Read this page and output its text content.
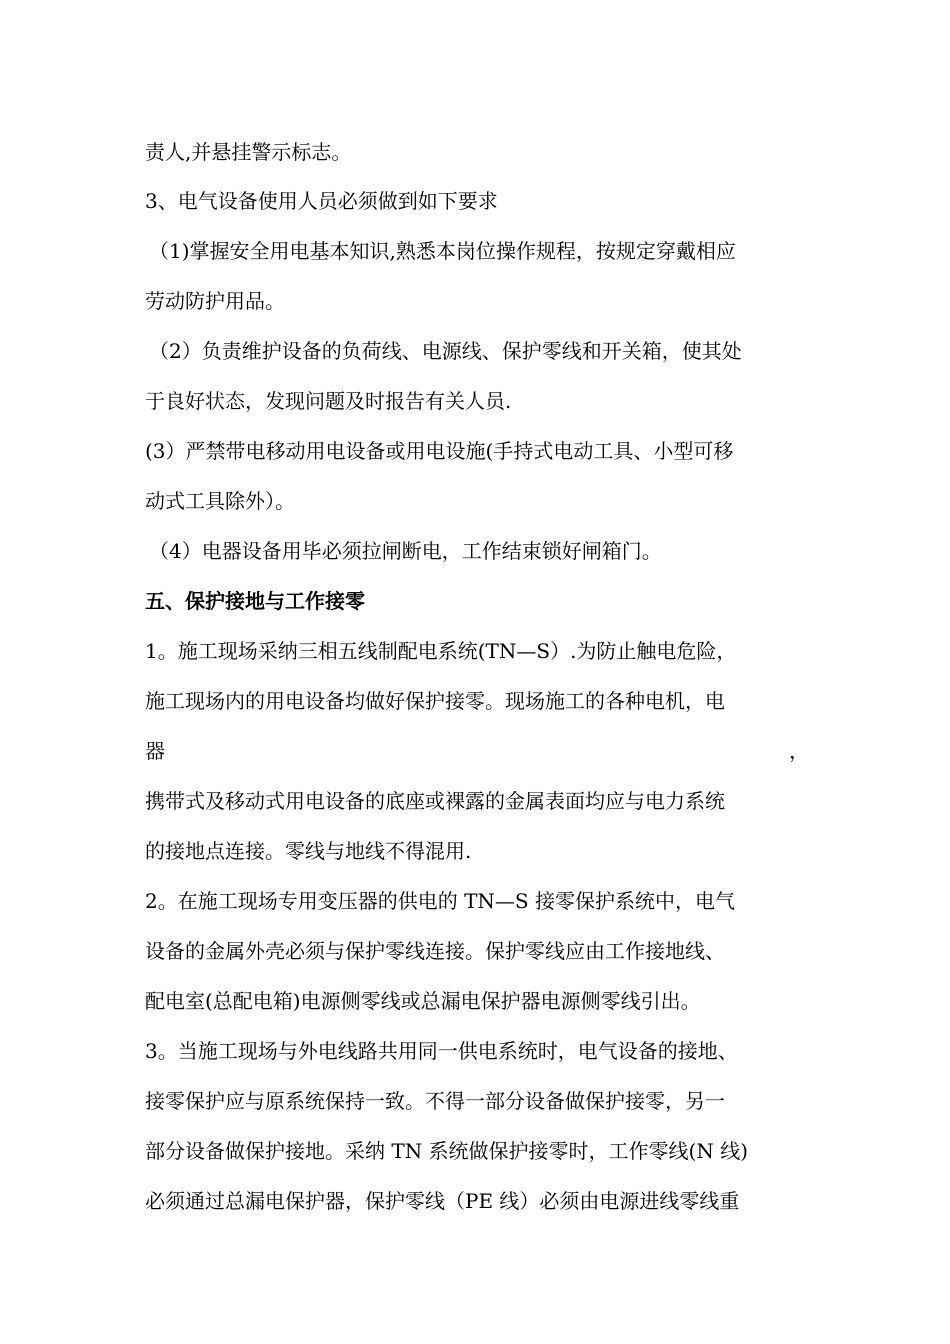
责人,并悬挂警示标志。
3、电气设备使用人员必须做到如下要求
（1)掌握安全用电基本知识,熟悉本岗位操作规程，按规定穿戴相应
劳动防护用品。
（2）负责维护设备的负荷线、电源线、保护零线和开关箱，使其处
于良好状态，发现问题及时报告有关人员.
(3）严禁带电移动用电设备或用电设施(手持式电动工具、小型可移
动式工具除外）。
（4）电器设备用毕必须拉闸断电，工作结束锁好闸箱门。
五、保护接地与工作接零
1。施工现场采纳三相五线制配电系统(TN—S）.为防止触电危险，
施工现场内的用电设备均做好保护接零。现场施工的各种电机，电
器	，
携带式及移动式用电设备的底座或裸露的金属表面均应与电力系统
的接地点连接。零线与地线不得混用.
2。在施工现场专用变压器的供电的 TN—S 接零保护系统中，电气
设备的金属外壳必须与保护零线连接。保护零线应由工作接地线、
配电室(总配电箱)电源侧零线或总漏电保护器电源侧零线引出。
3。当施工现场与外电线路共用同一供电系统时，电气设备的接地、
接零保护应与原系统保持一致。不得一部分设备做保护接零，另一
部分设备做保护接地。采纳 TN 系统做保护接零时，工作零线(N 线)
必须通过总漏电保护器，保护零线（PE 线）必须由电源进线零线重
